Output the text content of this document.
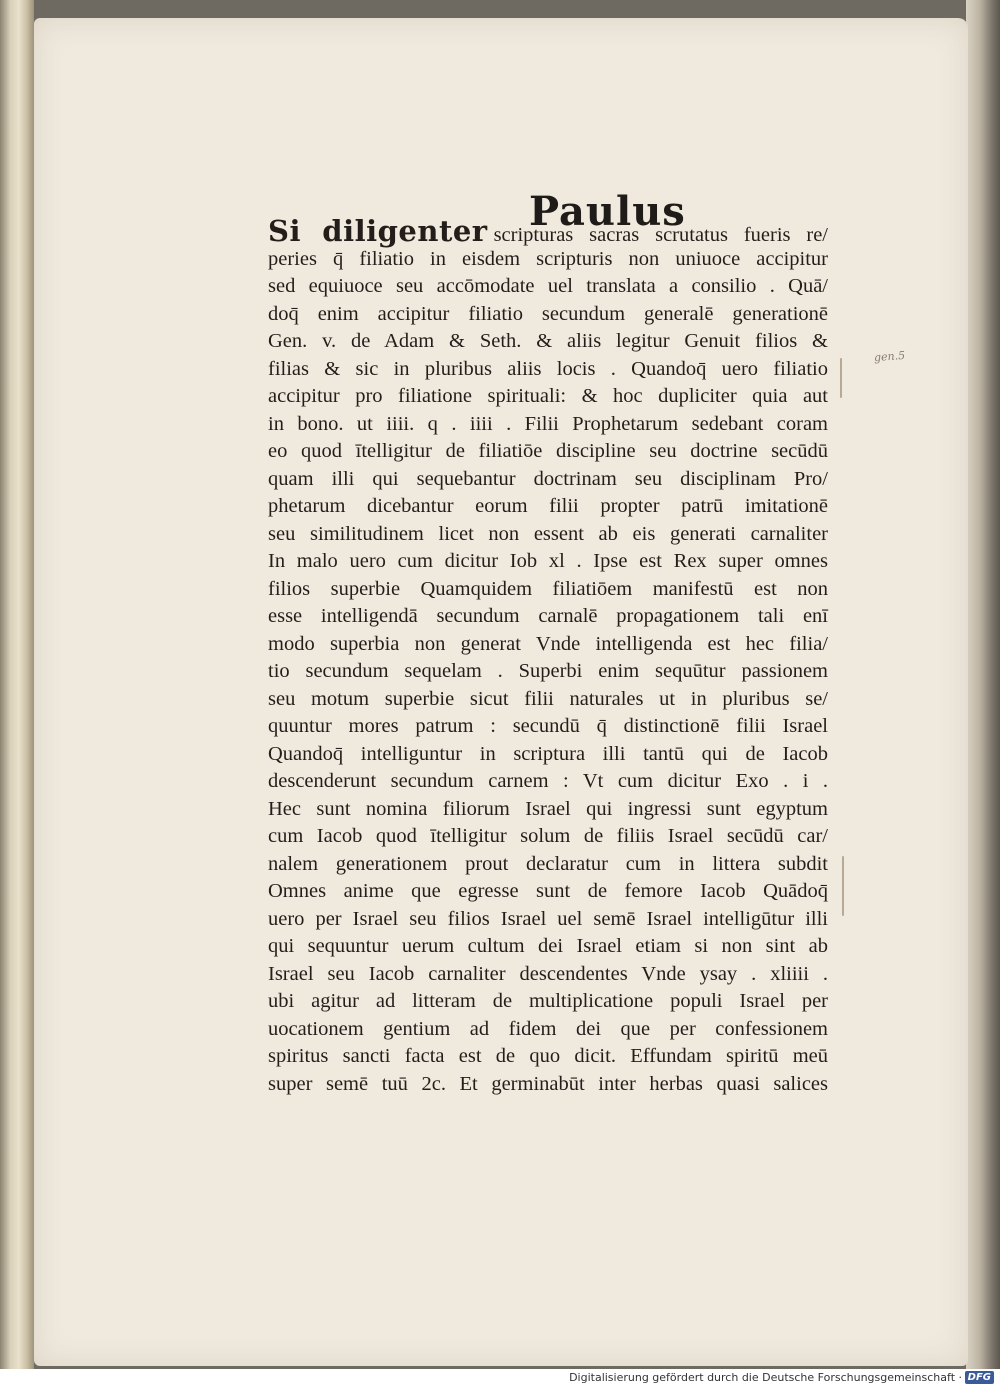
Paulus
gen.5
Si diligenter scripturas sacras scrutatus fueris re/
peries q̄ filiatio in eisdem scripturis non uniuoce accipitur
sed equiuoce seu accōmodate uel translata a consilio . Quā/
doq̄ enim accipitur filiatio secundum generalē generationē
Gen. v. de Adam & Seth. & aliis legitur Genuit filios &
filias & sic in pluribus aliis locis . Quandoq̄ uero filiatio
accipitur pro filiatione spirituali: & hoc dupliciter quia aut
in bono. ut iiii. q . iiii . Filii Prophetarum sedebant coram
eo quod ītelligitur de filiatiōe discipline seu doctrine secūdū
quam illi qui sequebantur doctrinam seu disciplinam Pro/
phetarum dicebantur eorum filii propter patrū imitationē
seu similitudinem licet non essent ab eis generati carnaliter
In malo uero cum dicitur Iob xl . Ipse est Rex super omnes
filios superbie Quamquidem filiatiōem manifestū est non
esse intelligendā secundum carnalē propagationem tali enī
modo superbia non generat Vnde intelligenda est hec filia/
tio secundum sequelam . Superbi enim sequūtur passionem
seu motum superbie sicut filii naturales ut in pluribus se/
quuntur mores patrum : secundū q̄ distinctionē filii Israel
Quandoq̄ intelliguntur in scriptura illi tantū qui de Iacob
descenderunt secundum carnem : Vt cum dicitur Exo . i .
Hec sunt nomina filiorum Israel qui ingressi sunt egyptum
cum Iacob quod ītelligitur solum de filiis Israel secūdū car/
nalem generationem prout declaratur cum in littera subdit
Omnes anime que egresse sunt de femore Iacob Quādoq̄
uero per Israel seu filios Israel uel semē Israel intelligūtur illi
qui sequuntur uerum cultum dei Israel etiam si non sint ab
Israel seu Iacob carnaliter descendentes Vnde ysay . xliiii .
ubi agitur ad litteram de multiplicatione populi Israel per
uocationem gentium ad fidem dei que per confessionem
spiritus sancti facta est de quo dicit. Effundam spiritū meū
super semē tuū 2c. Et germinabūt inter herbas quasi salices
Digitalisierung gefördert durch die Deutsche Forschungsgemeinschaft · DFG
